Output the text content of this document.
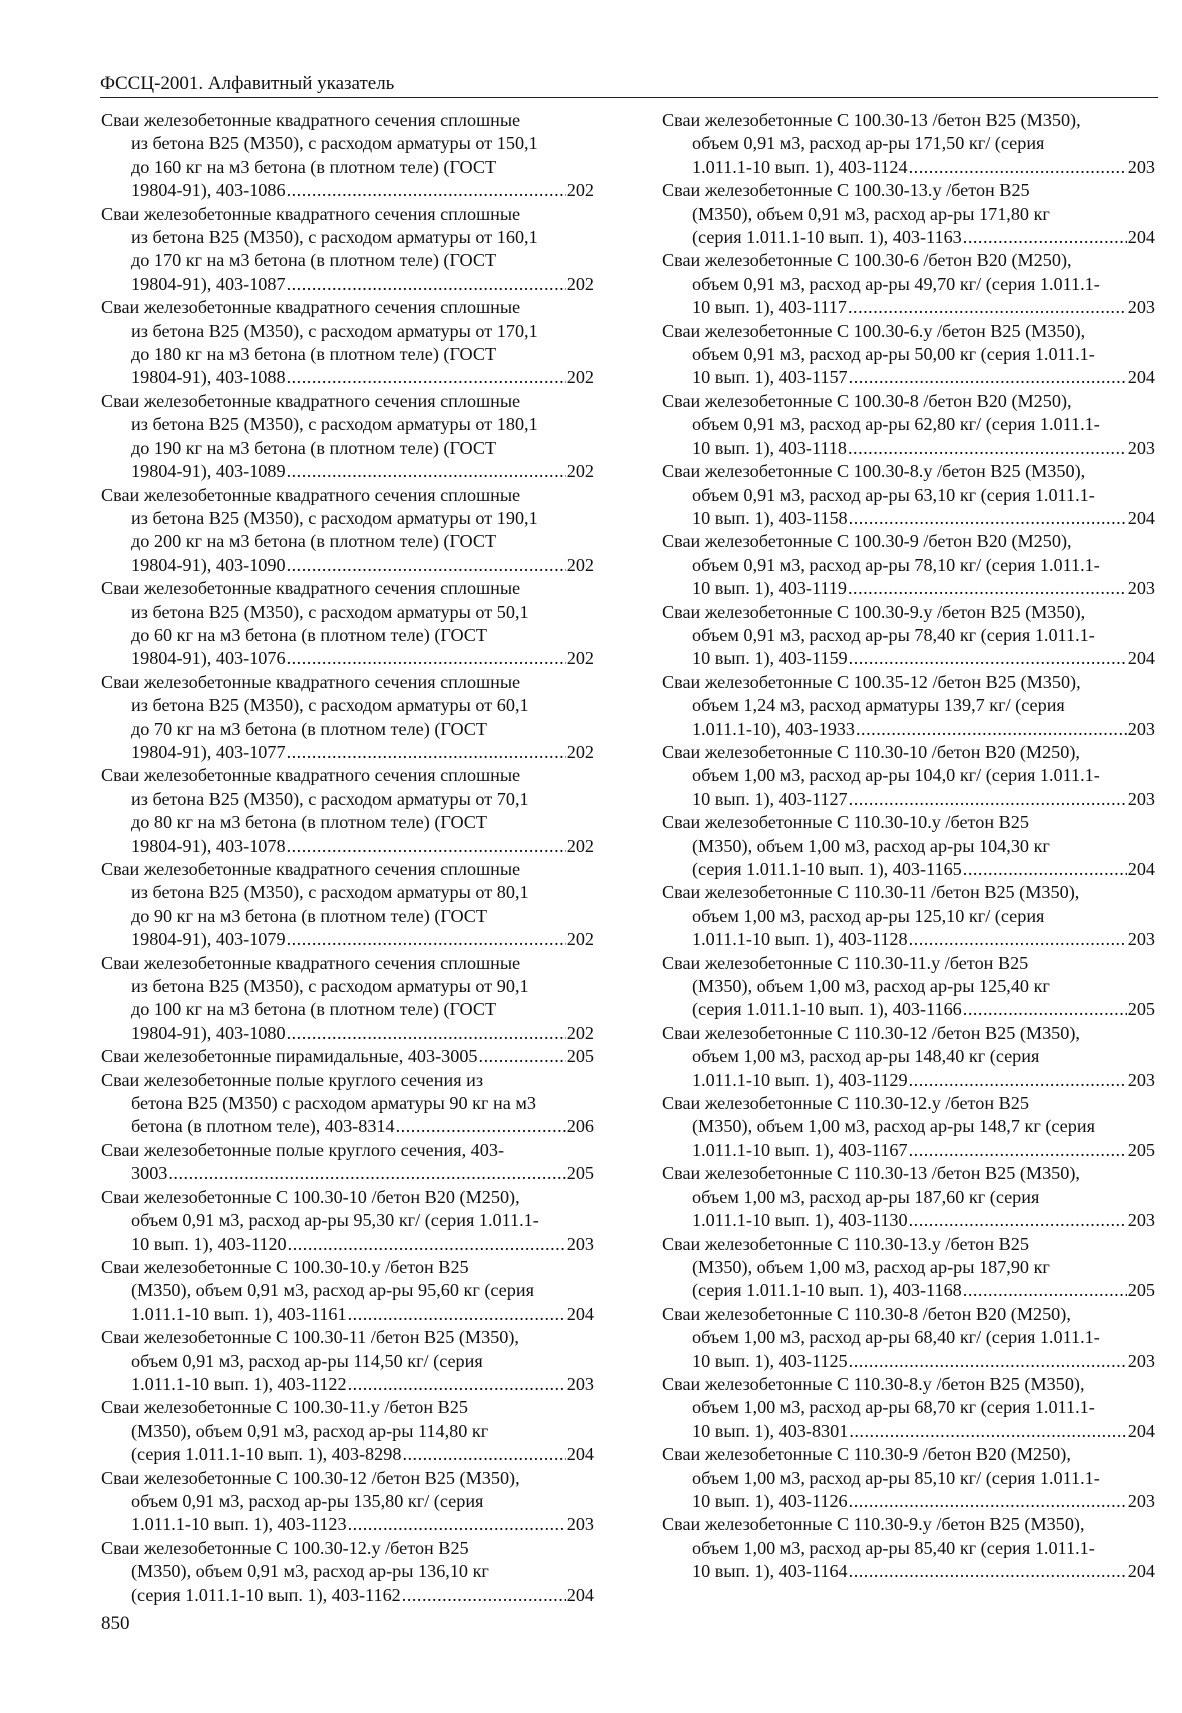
ФССЦ-2001. Алфавитный указатель
Сваи железобетонные квадратного сечения сплошные
из бетона В25 (М350), с расходом арматуры от 150,1
до 160 кг на м3 бетона (в плотном теле) (ГОСТ
19804-91), 403-1086 .....	202
Сваи железобетонные квадратного сечения сплошные
из бетона В25 (М350), с расходом арматуры от 160,1
до 170 кг на м3 бетона (в плотном теле) (ГОСТ
19804-91), 403-1087 .....	202
Сваи железобетонные квадратного сечения сплошные
из бетона В25 (М350), с расходом арматуры от 170,1
до 180 кг на м3 бетона (в плотном теле) (ГОСТ
19804-91), 403-1088 .....	202
Сваи железобетонные квадратного сечения сплошные
из бетона В25 (М350), с расходом арматуры от 180,1
до 190 кг на м3 бетона (в плотном теле) (ГОСТ
19804-91), 403-1089 .....	202
Сваи железобетонные квадратного сечения сплошные
из бетона В25 (М350), с расходом арматуры от 190,1
до 200 кг на м3 бетона (в плотном теле) (ГОСТ
19804-91), 403-1090 .....	202
Сваи железобетонные квадратного сечения сплошные
из бетона В25 (М350), с расходом арматуры от 50,1
до 60 кг на м3 бетона (в плотном теле) (ГОСТ
19804-91), 403-1076 .....	202
Сваи железобетонные квадратного сечения сплошные
из бетона В25 (М350), с расходом арматуры от 60,1
до 70 кг на м3 бетона (в плотном теле) (ГОСТ
19804-91), 403-1077 .....	202
Сваи железобетонные квадратного сечения сплошные
из бетона В25 (М350), с расходом арматуры от 70,1
до 80 кг на м3 бетона (в плотном теле) (ГОСТ
19804-91), 403-1078 .....	202
Сваи железобетонные квадратного сечения сплошные
из бетона В25 (М350), с расходом арматуры от 80,1
до 90 кг на м3 бетона (в плотном теле) (ГОСТ
19804-91), 403-1079 .....	202
Сваи железобетонные квадратного сечения сплошные
из бетона В25 (М350), с расходом арматуры от 90,1
до 100 кг на м3 бетона (в плотном теле) (ГОСТ
19804-91), 403-1080 .....	202
Сваи железобетонные пирамидальные, 403-3005 .....	205
Сваи железобетонные полые круглого сечения из
бетона В25 (М350) с расходом арматуры 90 кг на м3
бетона (в плотном теле), 403-8314 .....	206
Сваи железобетонные полые круглого сечения, 403-
3003 .....	205
Сваи железобетонные С 100.30-10 /бетон В20 (М250),
объем 0,91 м3, расход ар-ры 95,30 кг/ (серия 1.011.1-
10 вып. 1), 403-1120 .....	203
Сваи железобетонные С 100.30-10.у /бетон В25
(М350), объем 0,91 м3, расход ар-ры 95,60 кг (серия
1.011.1-10 вып. 1), 403-1161 .....	204
Сваи железобетонные С 100.30-11 /бетон В25 (М350),
объем 0,91 м3, расход ар-ры 114,50 кг/ (серия
1.011.1-10 вып. 1), 403-1122 .....	203
Сваи железобетонные С 100.30-11.у /бетон В25
(М350), объем 0,91 м3, расход ар-ры 114,80 кг
(серия 1.011.1-10 вып. 1), 403-8298 .....	204
Сваи железобетонные С 100.30-12 /бетон В25 (М350),
объем 0,91 м3, расход ар-ры 135,80 кг/ (серия
1.011.1-10 вып. 1), 403-1123 .....	203
Сваи железобетонные С 100.30-12.у /бетон В25
(М350), объем 0,91 м3, расход ар-ры 136,10 кг
(серия 1.011.1-10 вып. 1), 403-1162 .....	204
Сваи железобетонные С 100.30-13 /бетон В25 (М350),
объем 0,91 м3, расход ар-ры 171,50 кг/ (серия
1.011.1-10 вып. 1), 403-1124 .....	203
Сваи железобетонные С 100.30-13.у /бетон В25
(М350), объем 0,91 м3, расход ар-ры 171,80 кг
(серия 1.011.1-10 вып. 1), 403-1163 .....	204
Сваи железобетонные С 100.30-6 /бетон В20 (М250),
объем 0,91 м3, расход ар-ры 49,70 кг/ (серия 1.011.1-
10 вып. 1), 403-1117 .....	203
Сваи железобетонные С 100.30-6.у /бетон В25 (М350),
объем 0,91 м3, расход ар-ры 50,00 кг (серия 1.011.1-
10 вып. 1), 403-1157 .....	204
Сваи железобетонные С 100.30-8 /бетон В20 (М250),
объем 0,91 м3, расход ар-ры 62,80 кг/ (серия 1.011.1-
10 вып. 1), 403-1118 .....	203
Сваи железобетонные С 100.30-8.у /бетон В25 (М350),
объем 0,91 м3, расход ар-ры 63,10 кг (серия 1.011.1-
10 вып. 1), 403-1158 .....	204
Сваи железобетонные С 100.30-9 /бетон В20 (М250),
объем 0,91 м3, расход ар-ры 78,10 кг/ (серия 1.011.1-
10 вып. 1), 403-1119 .....	203
Сваи железобетонные С 100.30-9.у /бетон В25 (М350),
объем 0,91 м3, расход ар-ры 78,40 кг (серия 1.011.1-
10 вып. 1), 403-1159 .....	204
Сваи железобетонные С 100.35-12 /бетон В25 (М350),
объем 1,24 м3, расход арматуры 139,7 кг/ (серия
1.011.1-10), 403-1933 .....	203
Сваи железобетонные С 110.30-10 /бетон В20 (М250),
объем 1,00 м3, расход ар-ры 104,0 кг/ (серия 1.011.1-
10 вып. 1), 403-1127 .....	203
Сваи железобетонные С 110.30-10.у /бетон В25
(М350), объем 1,00 м3, расход ар-ры 104,30 кг
(серия 1.011.1-10 вып. 1), 403-1165 .....	204
Сваи железобетонные С 110.30-11 /бетон В25 (М350),
объем 1,00 м3, расход ар-ры 125,10 кг/ (серия
1.011.1-10 вып. 1), 403-1128 .....	203
Сваи железобетонные С 110.30-11.у /бетон В25
(М350), объем 1,00 м3, расход ар-ры 125,40 кг
(серия 1.011.1-10 вып. 1), 403-1166 .....	205
Сваи железобетонные С 110.30-12 /бетон В25 (М350),
объем 1,00 м3, расход ар-ры 148,40 кг (серия
1.011.1-10 вып. 1), 403-1129 .....	203
Сваи железобетонные С 110.30-12.у /бетон В25
(М350), объем 1,00 м3, расход ар-ры 148,7 кг (серия
1.011.1-10 вып. 1), 403-1167 .....	205
Сваи железобетонные С 110.30-13 /бетон В25 (М350),
объем 1,00 м3, расход ар-ры 187,60 кг (серия
1.011.1-10 вып. 1), 403-1130 .....	203
Сваи железобетонные С 110.30-13.у /бетон В25
(М350), объем 1,00 м3, расход ар-ры 187,90 кг
(серия 1.011.1-10 вып. 1), 403-1168 .....	205
Сваи железобетонные С 110.30-8 /бетон В20 (М250),
объем 1,00 м3, расход ар-ры 68,40 кг/ (серия 1.011.1-
10 вып. 1), 403-1125 .....	203
Сваи железобетонные С 110.30-8.у /бетон В25 (М350),
объем 1,00 м3, расход ар-ры 68,70 кг (серия 1.011.1-
10 вып. 1), 403-8301 .....	204
Сваи железобетонные С 110.30-9 /бетон В20 (М250),
объем 1,00 м3, расход ар-ры 85,10 кг/ (серия 1.011.1-
10 вып. 1), 403-1126 .....	203
Сваи железобетонные С 110.30-9.у /бетон В25 (М350),
объем 1,00 м3, расход ар-ры 85,40 кг (серия 1.011.1-
10 вып. 1), 403-1164 .....	204
850
